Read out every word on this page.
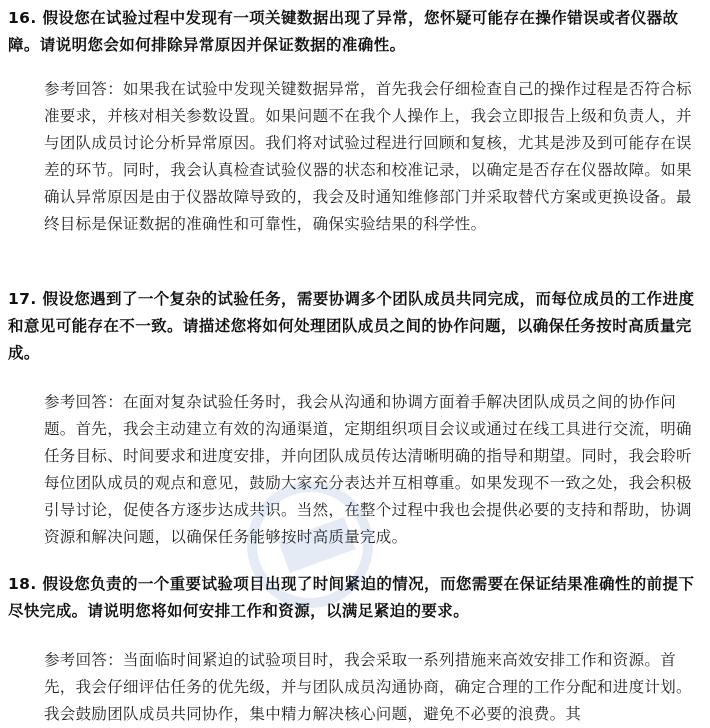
16. 假设您在试验过程中发现有一项关键数据出现了异常，您怀疑可能存在操作错误或者仪器故障。请说明您会如何排除异常原因并保证数据的准确性。
参考回答：如果我在试验中发现关键数据异常，首先我会仔细检查自己的操作过程是否符合标准要求，并核对相关参数设置。如果问题不在我个人操作上，我会立即报告上级和负责人，并与团队成员讨论分析异常原因。我们将对试验过程进行回顾和复核，尤其是涉及到可能存在误差的环节。同时，我会认真检查试验仪器的状态和校准记录，以确定是否存在仪器故障。如果确认异常原因是由于仪器故障导致的，我会及时通知维修部门并采取替代方案或更换设备。最终目标是保证数据的准确性和可靠性，确保实验结果的科学性。
17. 假设您遇到了一个复杂的试验任务，需要协调多个团队成员共同完成，而每位成员的工作进度和意见可能存在不一致。请描述您将如何处理团队成员之间的协作问题，以确保任务按时高质量完成。
参考回答：在面对复杂试验任务时，我会从沟通和协调方面着手解决团队成员之间的协作问题。首先，我会主动建立有效的沟通渠道，定期组织项目会议或通过在线工具进行交流，明确任务目标、时间要求和进度安排，并向团队成员传达清晰明确的指导和期望。同时，我会聆听每位团队成员的观点和意见，鼓励大家充分表达并互相尊重。如果发现不一致之处，我会积极引导讨论，促使各方逐步达成共识。当然，在整个过程中我也会提供必要的支持和帮助，协调资源和解决问题，以确保任务能够按时高质量完成。
18. 假设您负责的一个重要试验项目出现了时间紧迫的情况，而您需要在保证结果准确性的前提下尽快完成。请说明您将如何安排工作和资源，以满足紧迫的要求。
参考回答：当面临时间紧迫的试验项目时，我会采取一系列措施来高效安排工作和资源。首先，我会仔细评估任务的优先级，并与团队成员沟通协商，确定合理的工作分配和进度计划。我会鼓励团队成员共同协作，集中精力解决核心问题，避免不必要的浪费。其
